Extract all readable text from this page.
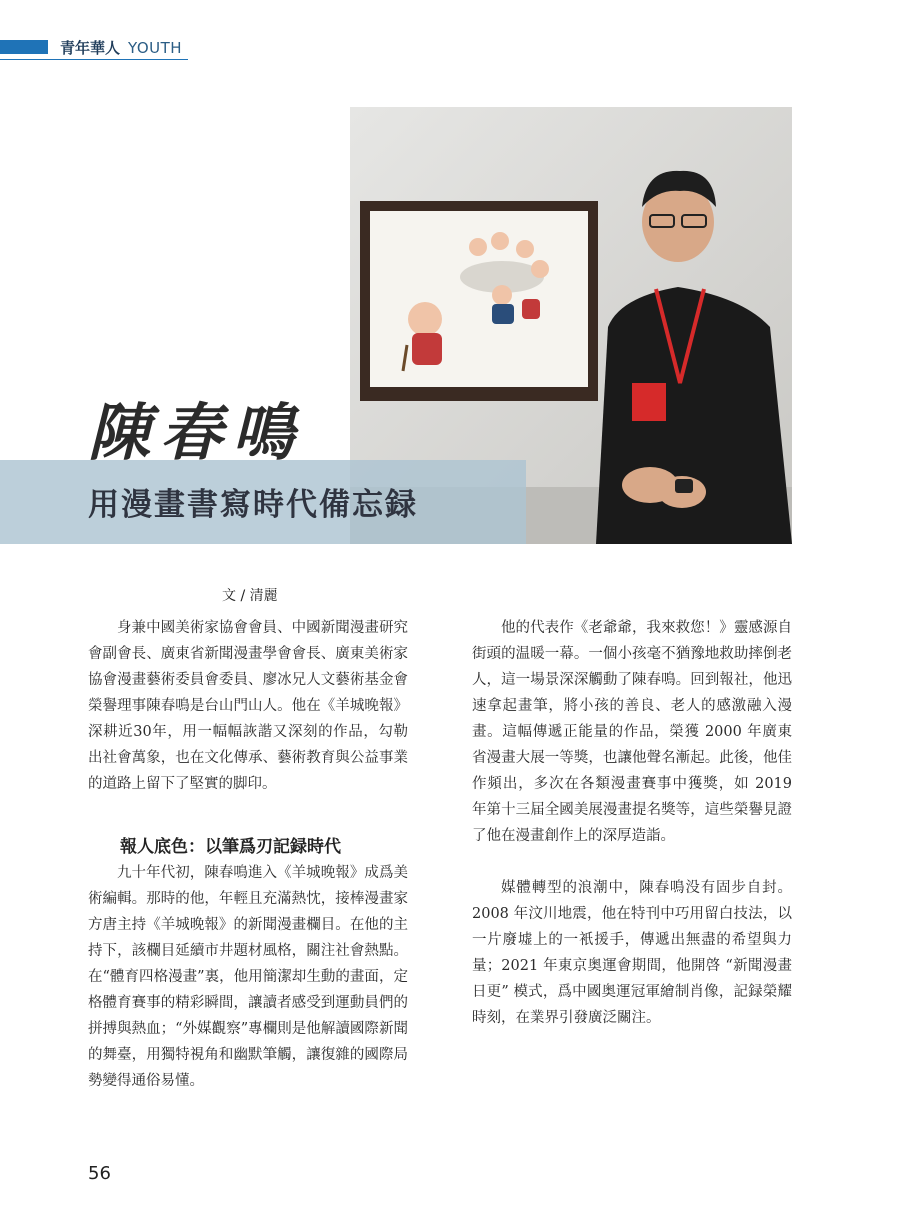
青年華人 YOUTH
陳春鳴
用漫畫書寫時代備忘録
文 / 清麗

身兼中國美術家協會會員、中國新聞漫畫研究會副會長、廣東省新聞漫畫學會會長、廣東美術家協會漫畫藝術委員會委員、廖冰兄人文藝術基金會榮譽理事陳春鳴是台山門山人。他在《羊城晚報》深耕近30年，用一幅幅詼諧又深刻的作品，勾勒出社會萬象，也在文化傳承、藝術教育與公益事業的道路上留下了堅實的脚印。

報人底色：以筆爲刃記録時代

九十年代初，陳春鳴進入《羊城晚報》成爲美術編輯。那時的他，年輕且充滿熱忱，接棒漫畫家方唐主持《羊城晚報》的新聞漫畫欄目。在他的主持下，該欄目延續市井題材風格，關注社會熱點。在“體育四格漫畫”裏，他用簡潔却生動的畫面，定格體育賽事的精彩瞬間，讓讀者感受到運動員們的拼搏與熱血；“外媒觀察”專欄則是他解讀國際新聞的舞臺，用獨特視角和幽默筆觸，讓復雜的國際局勢變得通俗易懂。

他的代表作《老爺爺，我來救您！》靈感源自街頭的温暖一幕。一個小孩毫不猶豫地救助摔倒老人，這一場景深深觸動了陳春鳴。回到報社，他迅速拿起畫筆，將小孩的善良、老人的感激融入漫畫。這幅傳遞正能量的作品，榮獲 2000 年廣東省漫畫大展一等獎，也讓他聲名漸起。此後，他佳作頻出，多次在各類漫畫賽事中獲獎，如 2019 年第十三届全國美展漫畫提名獎等，這些榮譽見證了他在漫畫創作上的深厚造詣。

媒體轉型的浪潮中，陳春鳴没有固步自封。2008 年汶川地震，他在特刊中巧用留白技法，以一片廢墟上的一衹援手，傳遞出無盡的希望與力量；2021 年東京奥運會期間，他開啓 “新聞漫畫日更” 模式，爲中國奥運冠軍繪制肖像，記録榮耀時刻，在業界引發廣泛關注。

56
